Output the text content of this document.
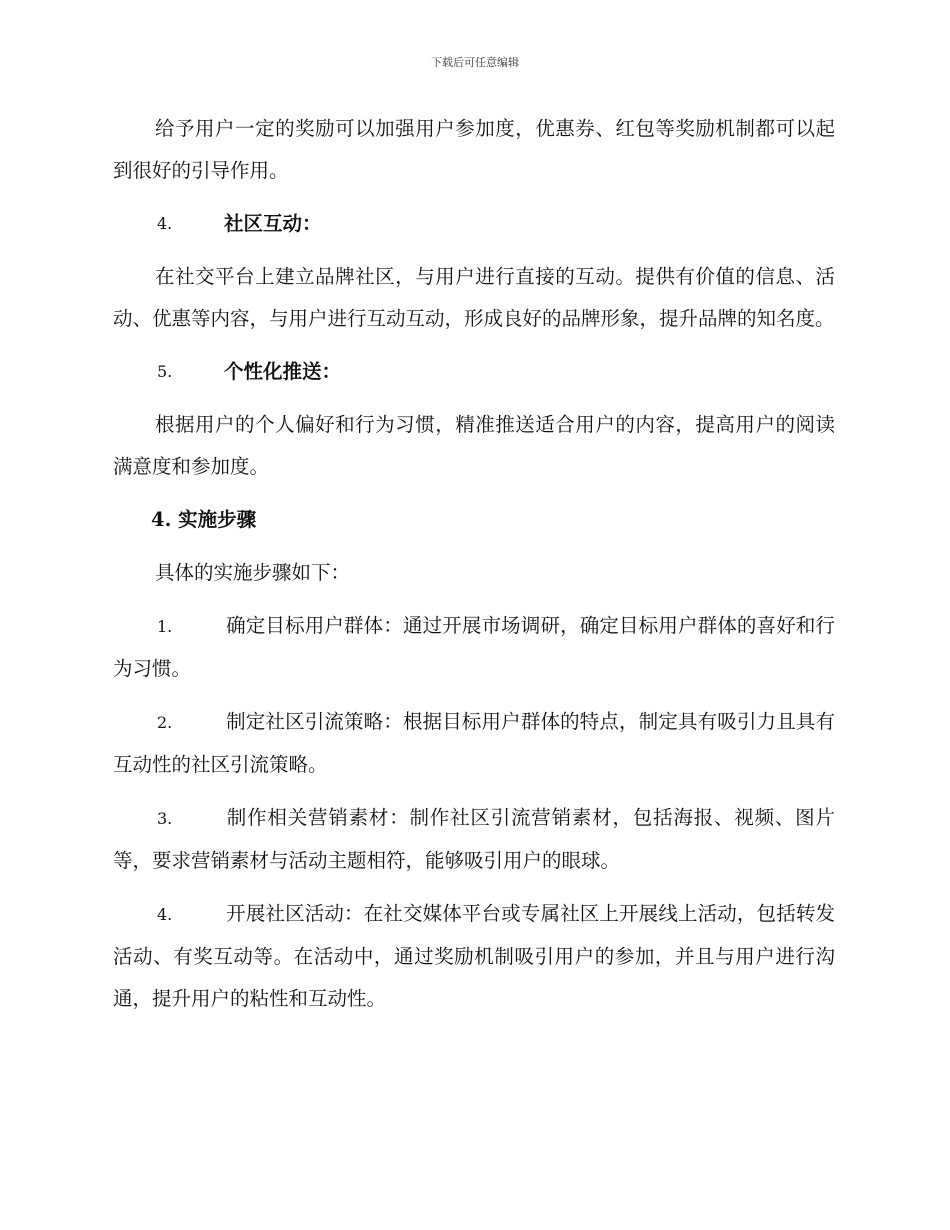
下载后可任意编辑

给予用户一定的奖励可以加强用户参加度，优惠券、红包等奖励机制都可以起到很好的引导作用。

4.	社区互动：

在社交平台上建立品牌社区，与用户进行直接的互动。提供有价值的信息、活动、优惠等内容，与用户进行互动互动，形成良好的品牌形象，提升品牌的知名度。

5.	个性化推送：

根据用户的个人偏好和行为习惯，精准推送适合用户的内容，提高用户的阅读满意度和参加度。

4. 实施步骤

具体的实施步骤如下：

1.	确定目标用户群体：通过开展市场调研，确定目标用户群体的喜好和行为习惯。

2.	制定社区引流策略：根据目标用户群体的特点，制定具有吸引力且具有互动性的社区引流策略。

3.	制作相关营销素材：制作社区引流营销素材，包括海报、视频、图片等，要求营销素材与活动主题相符，能够吸引用户的眼球。

4.	开展社区活动：在社交媒体平台或专属社区上开展线上活动，包括转发活动、有奖互动等。在活动中，通过奖励机制吸引用户的参加，并且与用户进行沟通，提升用户的粘性和互动性。
